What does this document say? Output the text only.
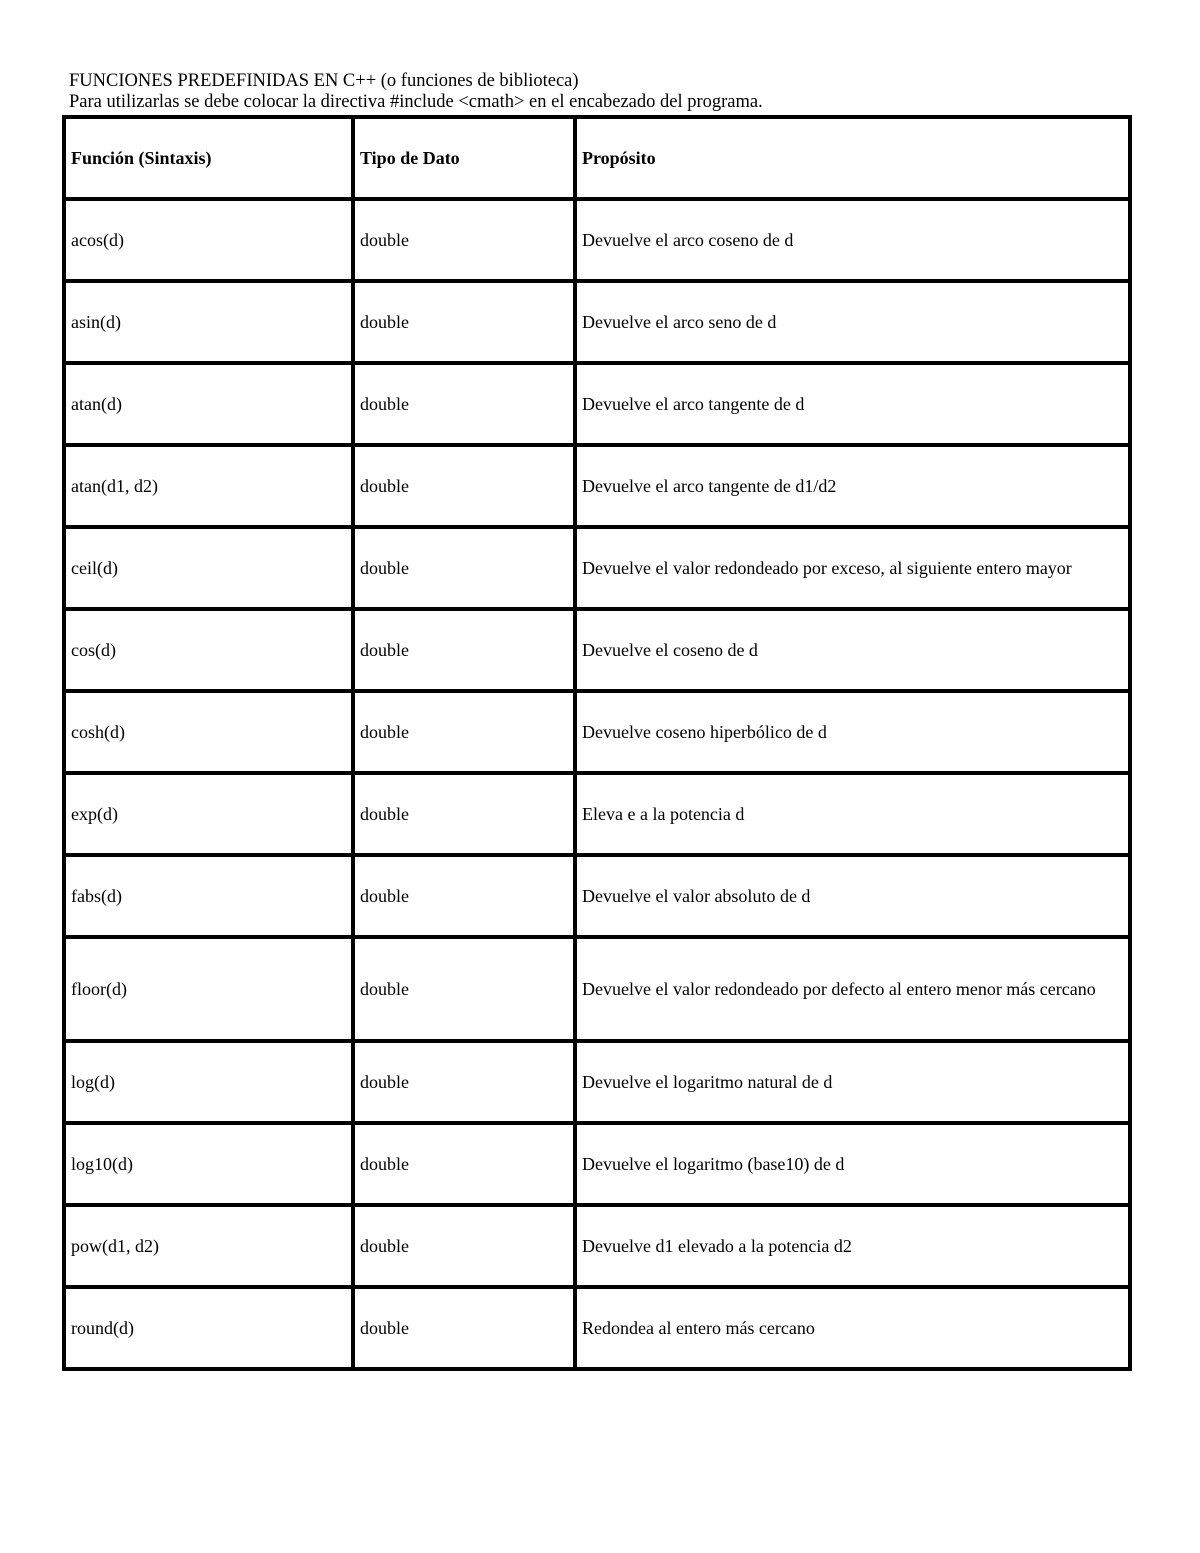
FUNCIONES PREDEFINIDAS EN C++ (o funciones de biblioteca)
Para utilizarlas se debe colocar la directiva #include <cmath> en el encabezado del programa.
Función (Sintaxis)	Tipo de Dato	Propósito
acos(d)	double	Devuelve el arco coseno de d
asin(d)	double	Devuelve el arco seno de d
atan(d)	double	Devuelve el arco tangente de d
atan(d1, d2)	double	Devuelve el arco tangente de d1/d2
ceil(d)	double	Devuelve el valor redondeado por exceso, al siguiente entero mayor
cos(d)	double	Devuelve el coseno de d
cosh(d)	double	Devuelve coseno hiperbólico de d
exp(d)	double	Eleva e a la potencia d
fabs(d)	double	Devuelve el valor absoluto de d
floor(d)	double	Devuelve el valor redondeado por defecto al entero menor más cercano
log(d)	double	Devuelve el logaritmo natural de d
log10(d)	double	Devuelve el logaritmo (base10) de d
pow(d1, d2)	double	Devuelve d1 elevado a la potencia d2
round(d)	double	Redondea al entero más cercano
